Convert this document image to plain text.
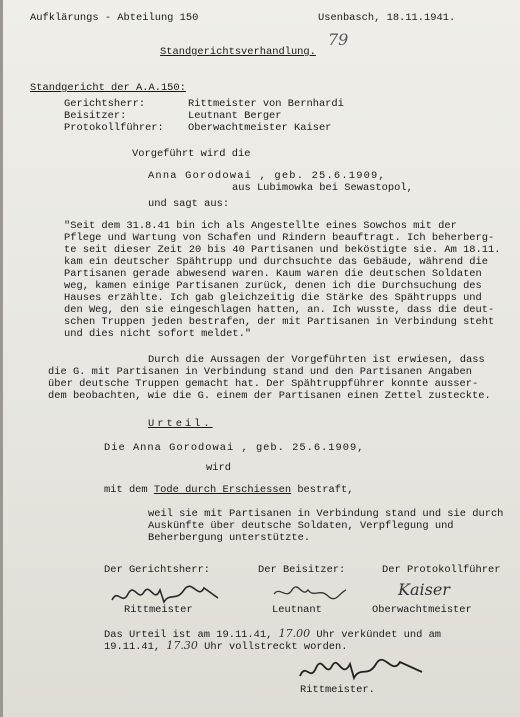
Aufklärungs - Abteilung 150	Usenbasch, 18.11.1941.
79
Standgerichtsverhandlung.
Standgericht der A.A.150:
Gerichtsherr:	Rittmeister von Bernhardi
Beisitzer:	Leutnant Berger
Protokollführer: Oberwachtmeister Kaiser
Vorgeführt wird die
Anna Gorodowai , geb. 25.6.1909,
aus Lubimowka bei Sewastopol,
und sagt aus:
"Seit dem 31.8.41 bin ich als Angestellte eines Sowchos mit der
Pflege und Wartung von Schafen und Rindern beauftragt. Ich beherberg-
te seit dieser Zeit 20 bis 40 Partisanen und beköstigte sie. Am 18.11.
kam ein deutscher Spähtrupp und durchsuchte das Gebäude, während die
Partisanen gerade abwesend waren. Kaum waren die deutschen Soldaten
weg, kamen einige Partisanen zurück, denen ich die Durchsuchung des
Hauses erzählte. Ich gab gleichzeitig die Stärke des Spähtrupps und
den Weg, den sie eingeschlagen hatten, an. Ich wusste, dass die deut-
schen Truppen jeden bestrafen, der mit Partisanen in Verbindung steht
und dies nicht sofort meldet."
Durch die Aussagen der Vorgeführten ist erwiesen, dass
die G. mit Partisanen in Verbindung stand und den Partisanen Angaben
über deutsche Truppen gemacht hat. Der Spähtruppführer konnte ausser-
dem beobachten, wie die G. einem der Partisanen einen Zettel zusteckte.
Urteil.
Die Anna Gorodowai , geb. 25.6.1909,
wird
mit dem Tode durch Erschiessen bestraft,
weil sie mit Partisanen in Verbindung stand und sie durch
Auskünfte über deutsche Soldaten, Verpflegung und
Beherbergung unterstützte.
Der Gerichtsherr:	Der Beisitzer:	Der Protokollführer
Kaiser
Rittmeister	Leutnant	Oberwachtmeister
Das Urteil ist am 19.11.41, 17.00 Uhr verkündet und am
19.11.41, 17.30 Uhr vollstreckt worden.
Rittmeister.
